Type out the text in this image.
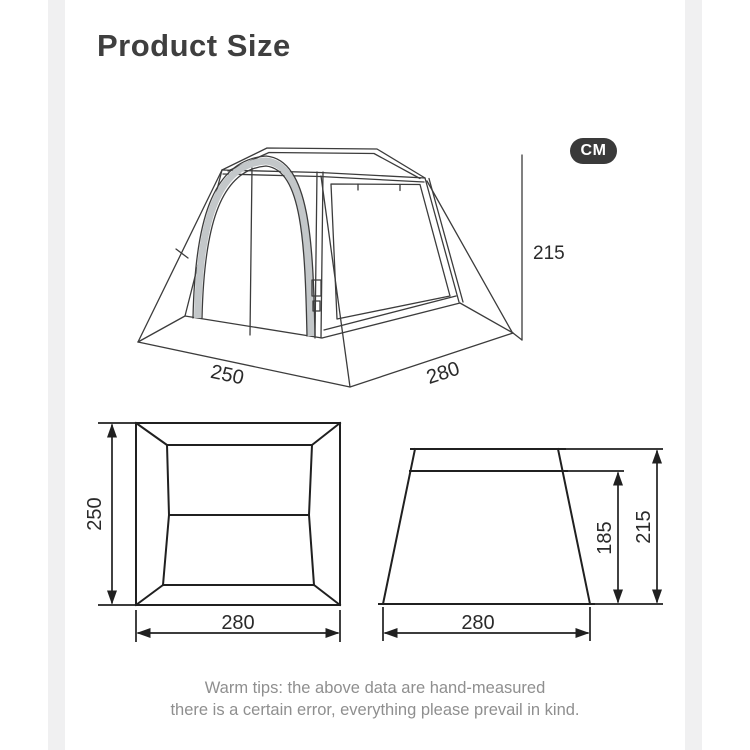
Product Size
CM
215
250	280
250
280
185 215
280
Warm tips: the above data are hand-measured
there is a certain error, everything please prevail in kind.
